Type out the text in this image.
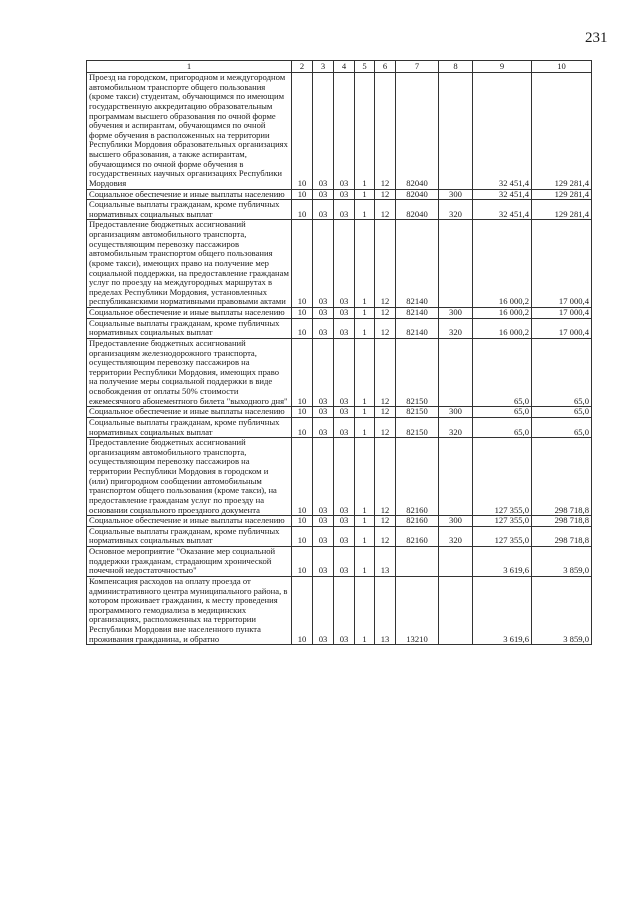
231
1	2	3	4	5	6	7	8	9	10
Проезд на городском, пригородном и междугородном автомобильном транспорте общего пользования (кроме такси) студентам, обучающимся по имеющим государственную аккредитацию образовательным программам высшего образования по очной форме обучения и аспирантам, обучающимся по очной форме обучения в расположенных на территории Республики Мордовия образовательных организациях высшего образования, а также аспирантам, обучающимся по очной форме обучения в государственных научных организациях Республики Мордовия	10	03	03	1	12	82040		32 451,4	129 281,4
Социальное обеспечение и иные выплаты населению	10	03	03	1	12	82040	300	32 451,4	129 281,4
Социальные выплаты гражданам, кроме публичных нормативных социальных выплат	10	03	03	1	12	82040	320	32 451,4	129 281,4
Предоставление бюджетных ассигнований организациям автомобильного транспорта, осуществляющим перевозку пассажиров автомобильным транспортом общего пользования (кроме такси), имеющих право на получение мер социальной поддержки, на предоставление гражданам услуг по проезду на междугородных маршрутах в пределах Республики Мордовия, установленных республиканскими нормативными правовыми актами	10	03	03	1	12	82140		16 000,2	17 000,4
Социальное обеспечение и иные выплаты населению	10	03	03	1	12	82140	300	16 000,2	17 000,4
Социальные выплаты гражданам, кроме публичных нормативных социальных выплат	10	03	03	1	12	82140	320	16 000,2	17 000,4
Предоставление бюджетных ассигнований организациям железнодорожного транспорта, осуществляющим перевозку пассажиров на территории Республики Мордовия, имеющих право на получение меры социальной поддержки в виде освобождения от оплаты 50% стоимости ежемесячного абонементного билета "выходного дня"	10	03	03	1	12	82150		65,0	65,0
Социальное обеспечение и иные выплаты населению	10	03	03	1	12	82150	300	65,0	65,0
Социальные выплаты гражданам, кроме публичных нормативных социальных выплат	10	03	03	1	12	82150	320	65,0	65,0
Предоставление бюджетных ассигнований организациям автомобильного транспорта, осуществляющим перевозку пассажиров на территории Республики Мордовия в городском и (или) пригородном сообщении автомобильным транспортом общего пользования (кроме такси), на предоставление гражданам услуг по проезду на основании социального проездного документа	10	03	03	1	12	82160		127 355,0	298 718,8
Социальное обеспечение и иные выплаты населению	10	03	03	1	12	82160	300	127 355,0	298 718,8
Социальные выплаты гражданам, кроме публичных нормативных социальных выплат	10	03	03	1	12	82160	320	127 355,0	298 718,8
Основное мероприятие "Оказание мер социальной поддержки гражданам, страдающим хронической почечной недостаточностью"	10	03	03	1	13			3 619,6	3 859,0
Компенсация расходов на оплату проезда от административного центра муниципального района, в котором проживает гражданин, к месту проведения программного гемодиализа в медицинских организациях, расположенных на территории Республики Мордовия вне населенного пункта проживания гражданина, и обратно	10	03	03	1	13	13210		3 619,6	3 859,0
